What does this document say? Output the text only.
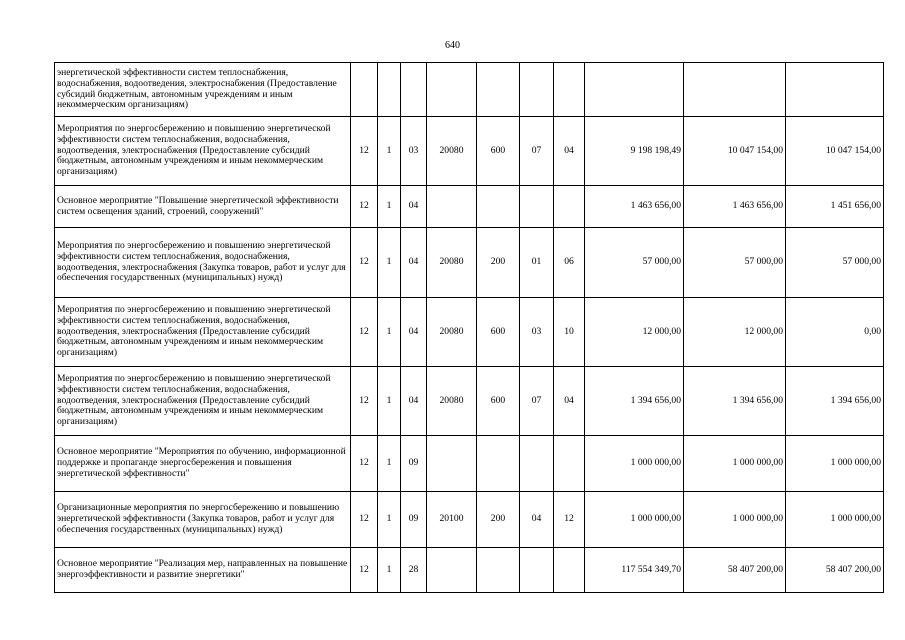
640
энергетической эффективности систем теплоснабжения, водоснабжения, водоотведения, электроснабжения (Предоставление субсидий бюджетным, автономным учреждениям и иным некоммерческим организациям)										
Мероприятия по энергосбережению и повышению энергетической эффективности систем теплоснабжения, водоснабжения, водоотведения, электроснабжения (Предоставление субсидий бюджетным, автономным учреждениям и иным некоммерческим организациям)	12	1	03	20080	600	07	04	9 198 198,49	10 047 154,00	10 047 154,00
Основное мероприятие "Повышение энергетической эффективности систем освещения зданий, строений, сооружений"	12	1	04					1 463 656,00	1 463 656,00	1 451 656,00
Мероприятия по энергосбережению и повышению энергетической эффективности систем теплоснабжения, водоснабжения, водоотведения, электроснабжения (Закупка товаров, работ и услуг для обеспечения государственных (муниципальных) нужд)	12	1	04	20080	200	01	06	57 000,00	57 000,00	57 000,00
Мероприятия по энергосбережению и повышению энергетической эффективности систем теплоснабжения, водоснабжения, водоотведения, электроснабжения (Предоставление субсидий бюджетным, автономным учреждениям и иным некоммерческим организациям)	12	1	04	20080	600	03	10	12 000,00	12 000,00	0,00
Мероприятия по энергосбережению и повышению энергетической эффективности систем теплоснабжения, водоснабжения, водоотведения, электроснабжения (Предоставление субсидий бюджетным, автономным учреждениям и иным некоммерческим организациям)	12	1	04	20080	600	07	04	1 394 656,00	1 394 656,00	1 394 656,00
Основное мероприятие "Мероприятия по обучению, информационной поддержке и пропаганде энергосбережения и повышения энергетической эффективности"	12	1	09					1 000 000,00	1 000 000,00	1 000 000,00
Организационные мероприятия по энергосбережению и повышению энергетической эффективности (Закупка товаров, работ и услуг для обеспечения государственных (муниципальных) нужд)	12	1	09	20100	200	04	12	1 000 000,00	1 000 000,00	1 000 000,00
Основное мероприятие "Реализация мер, направленных на повышение энергоэффективности и развитие энергетики"	12	1	28					117 554 349,70	58 407 200,00	58 407 200,00
